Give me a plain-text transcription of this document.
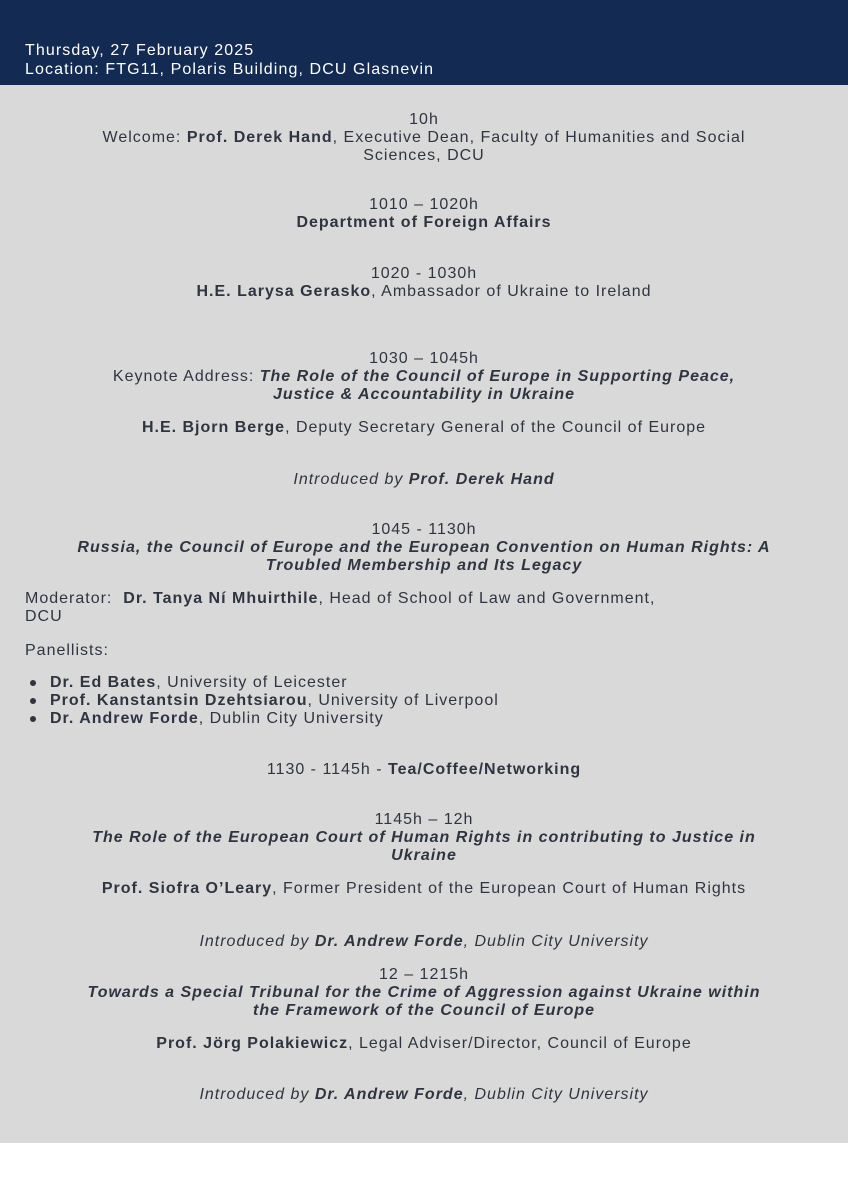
Thursday, 27 February 2025
Location: FTG11, Polaris Building, DCU Glasnevin
10h
Welcome: Prof. Derek Hand, Executive Dean, Faculty of Humanities and Social
Sciences, DCU
1010 – 1020h
Department of Foreign Affairs
1020 - 1030h
H.E. Larysa Gerasko, Ambassador of Ukraine to Ireland
1030 – 1045h
Keynote Address: The Role of the Council of Europe in Supporting Peace,
Justice & Accountability in Ukraine
H.E. Bjorn Berge, Deputy Secretary General of the Council of Europe
Introduced by Prof. Derek Hand
1045 - 1130h
Russia, the Council of Europe and the European Convention on Human Rights: A
Troubled Membership and Its Legacy
Moderator:  Dr. Tanya Ní Mhuirthile, Head of School of Law and Government,
DCU
Panellists:
Dr. Ed Bates, University of Leicester
Prof. Kanstantsin Dzehtsiarou, University of Liverpool
Dr. Andrew Forde, Dublin City University
1130 - 1145h - Tea/Coffee/Networking
1145h – 12h
The Role of the European Court of Human Rights in contributing to Justice in
Ukraine
Prof. Siofra O’Leary, Former President of the European Court of Human Rights
Introduced by Dr. Andrew Forde, Dublin City University
12 – 1215h
Towards a Special Tribunal for the Crime of Aggression against Ukraine within
the Framework of the Council of Europe
Prof. Jörg Polakiewicz, Legal Adviser/Director, Council of Europe
Introduced by Dr. Andrew Forde, Dublin City University
